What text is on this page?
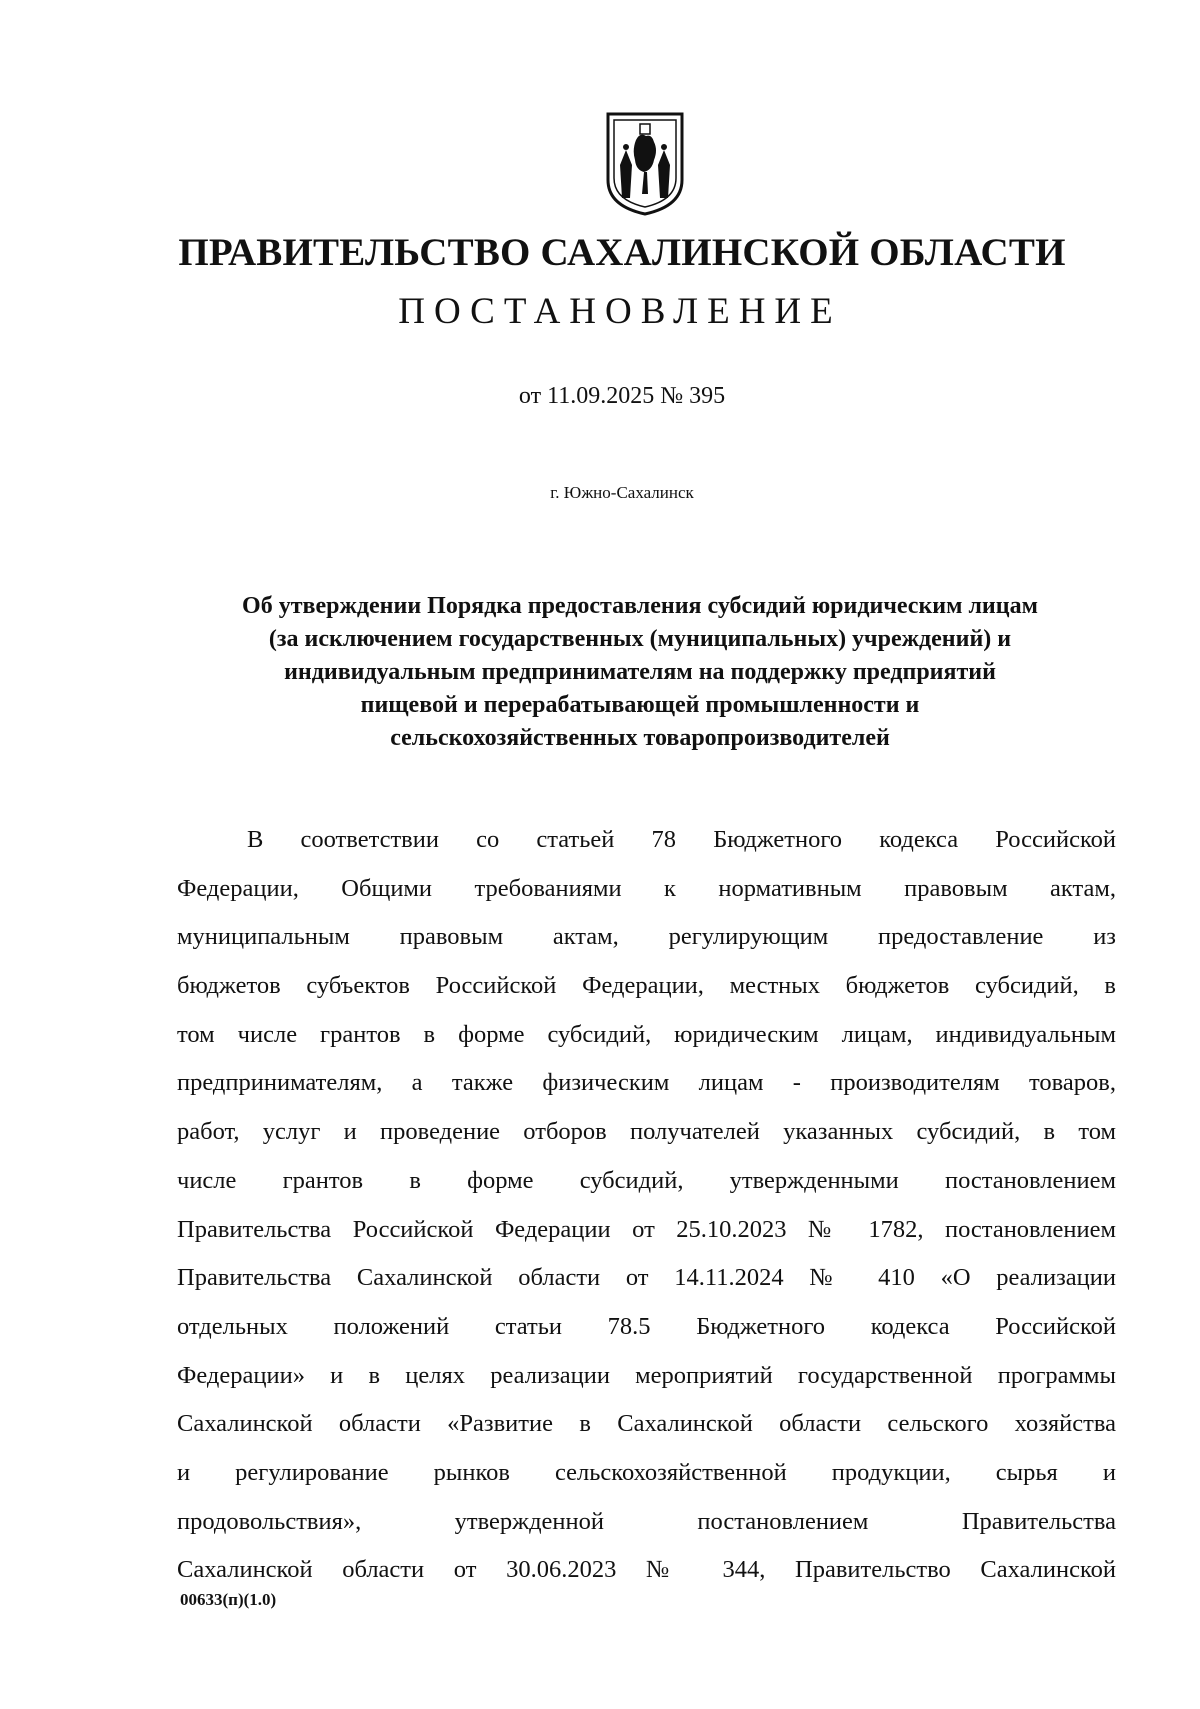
ПРАВИТЕЛЬСТВО САХАЛИНСКОЙ ОБЛАСТИ
ПОСТАНОВЛЕНИЕ
от 11.09.2025 № 395
г. Южно-Сахалинск
Об утверждении Порядка предоставления субсидий юридическим лицам
(за исключением государственных (муниципальных) учреждений) и
индивидуальным предпринимателям на поддержку предприятий
пищевой и перерабатывающей промышленности и
сельскохозяйственных товаропроизводителей
В соответствии со статьей 78 Бюджетного кодекса Российской
Федерации, Общими требованиями к нормативным правовым актам,
муниципальным правовым актам, регулирующим предоставление из
бюджетов субъектов Российской Федерации, местных бюджетов субсидий, в
том числе грантов в форме субсидий, юридическим лицам, индивидуальным
предпринимателям, а также физическим лицам - производителям товаров,
работ, услуг и проведение отборов получателей указанных субсидий, в том
числе грантов в форме субсидий, утвержденными постановлением
Правительства Российской Федерации от 25.10.2023 № 1782, постановлением
Правительства Сахалинской области от 14.11.2024 № 410 «О реализации
отдельных положений статьи 78.5 Бюджетного кодекса Российской
Федерации» и в целях реализации мероприятий государственной программы
Сахалинской области «Развитие в Сахалинской области сельского хозяйства
и регулирование рынков сельскохозяйственной продукции, сырья и
продовольствия», утвержденной постановлением Правительства
Сахалинской области от 30.06.2023 № 344, Правительство Сахалинской
00633(п)(1.0)
